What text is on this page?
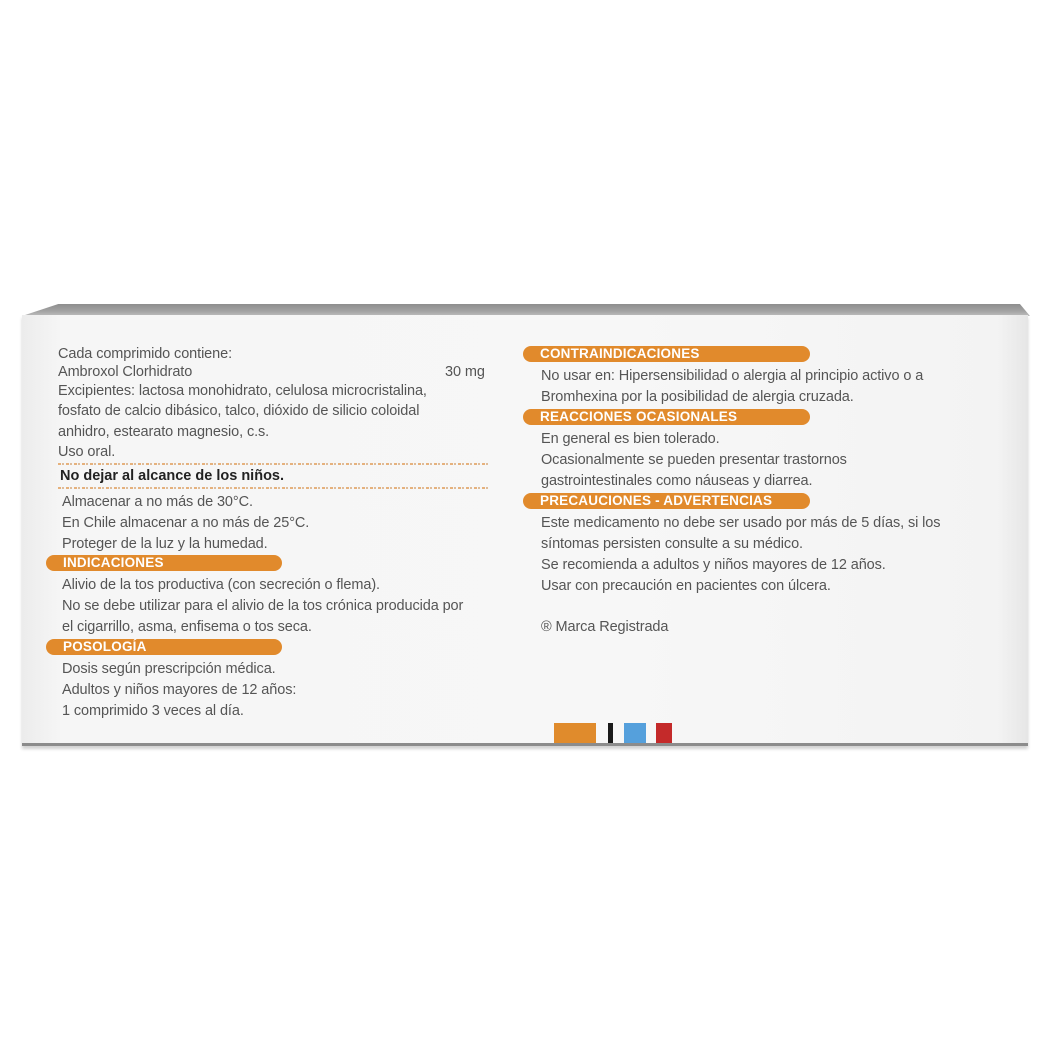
Cada comprimido contiene:
Ambroxol Clorhidrato	30 mg
Excipientes: lactosa monohidrato, celulosa microcristalina,
fosfato de calcio dibásico, talco, dióxido de silicio coloidal
anhidro, estearato magnesio, c.s.
Uso oral.
No dejar al alcance de los niños.
Almacenar a no más de 30°C.
En Chile almacenar a no más de 25°C.
Proteger de la luz y la humedad.
INDICACIONES
Alivio de la tos productiva (con secreción o flema).
No se debe utilizar para el alivio de la tos crónica producida por
el cigarrillo, asma, enfisema o tos seca.
POSOLOGÍA
Dosis según prescripción médica.
Adultos y niños mayores de 12 años:
1 comprimido 3 veces al día.
CONTRAINDICACIONES
No usar en: Hipersensibilidad o alergia al principio activo o a
Bromhexina por la posibilidad de alergia cruzada.
REACCIONES OCASIONALES
En general es bien tolerado.
Ocasionalmente se pueden presentar trastornos
gastrointestinales como náuseas y diarrea.
PRECAUCIONES - ADVERTENCIAS
Este medicamento no debe ser usado por más de 5 días, si los
síntomas persisten consulte a su médico.
Se recomienda a adultos y niños mayores de 12 años.
Usar con precaución en pacientes con úlcera.
® Marca Registrada
